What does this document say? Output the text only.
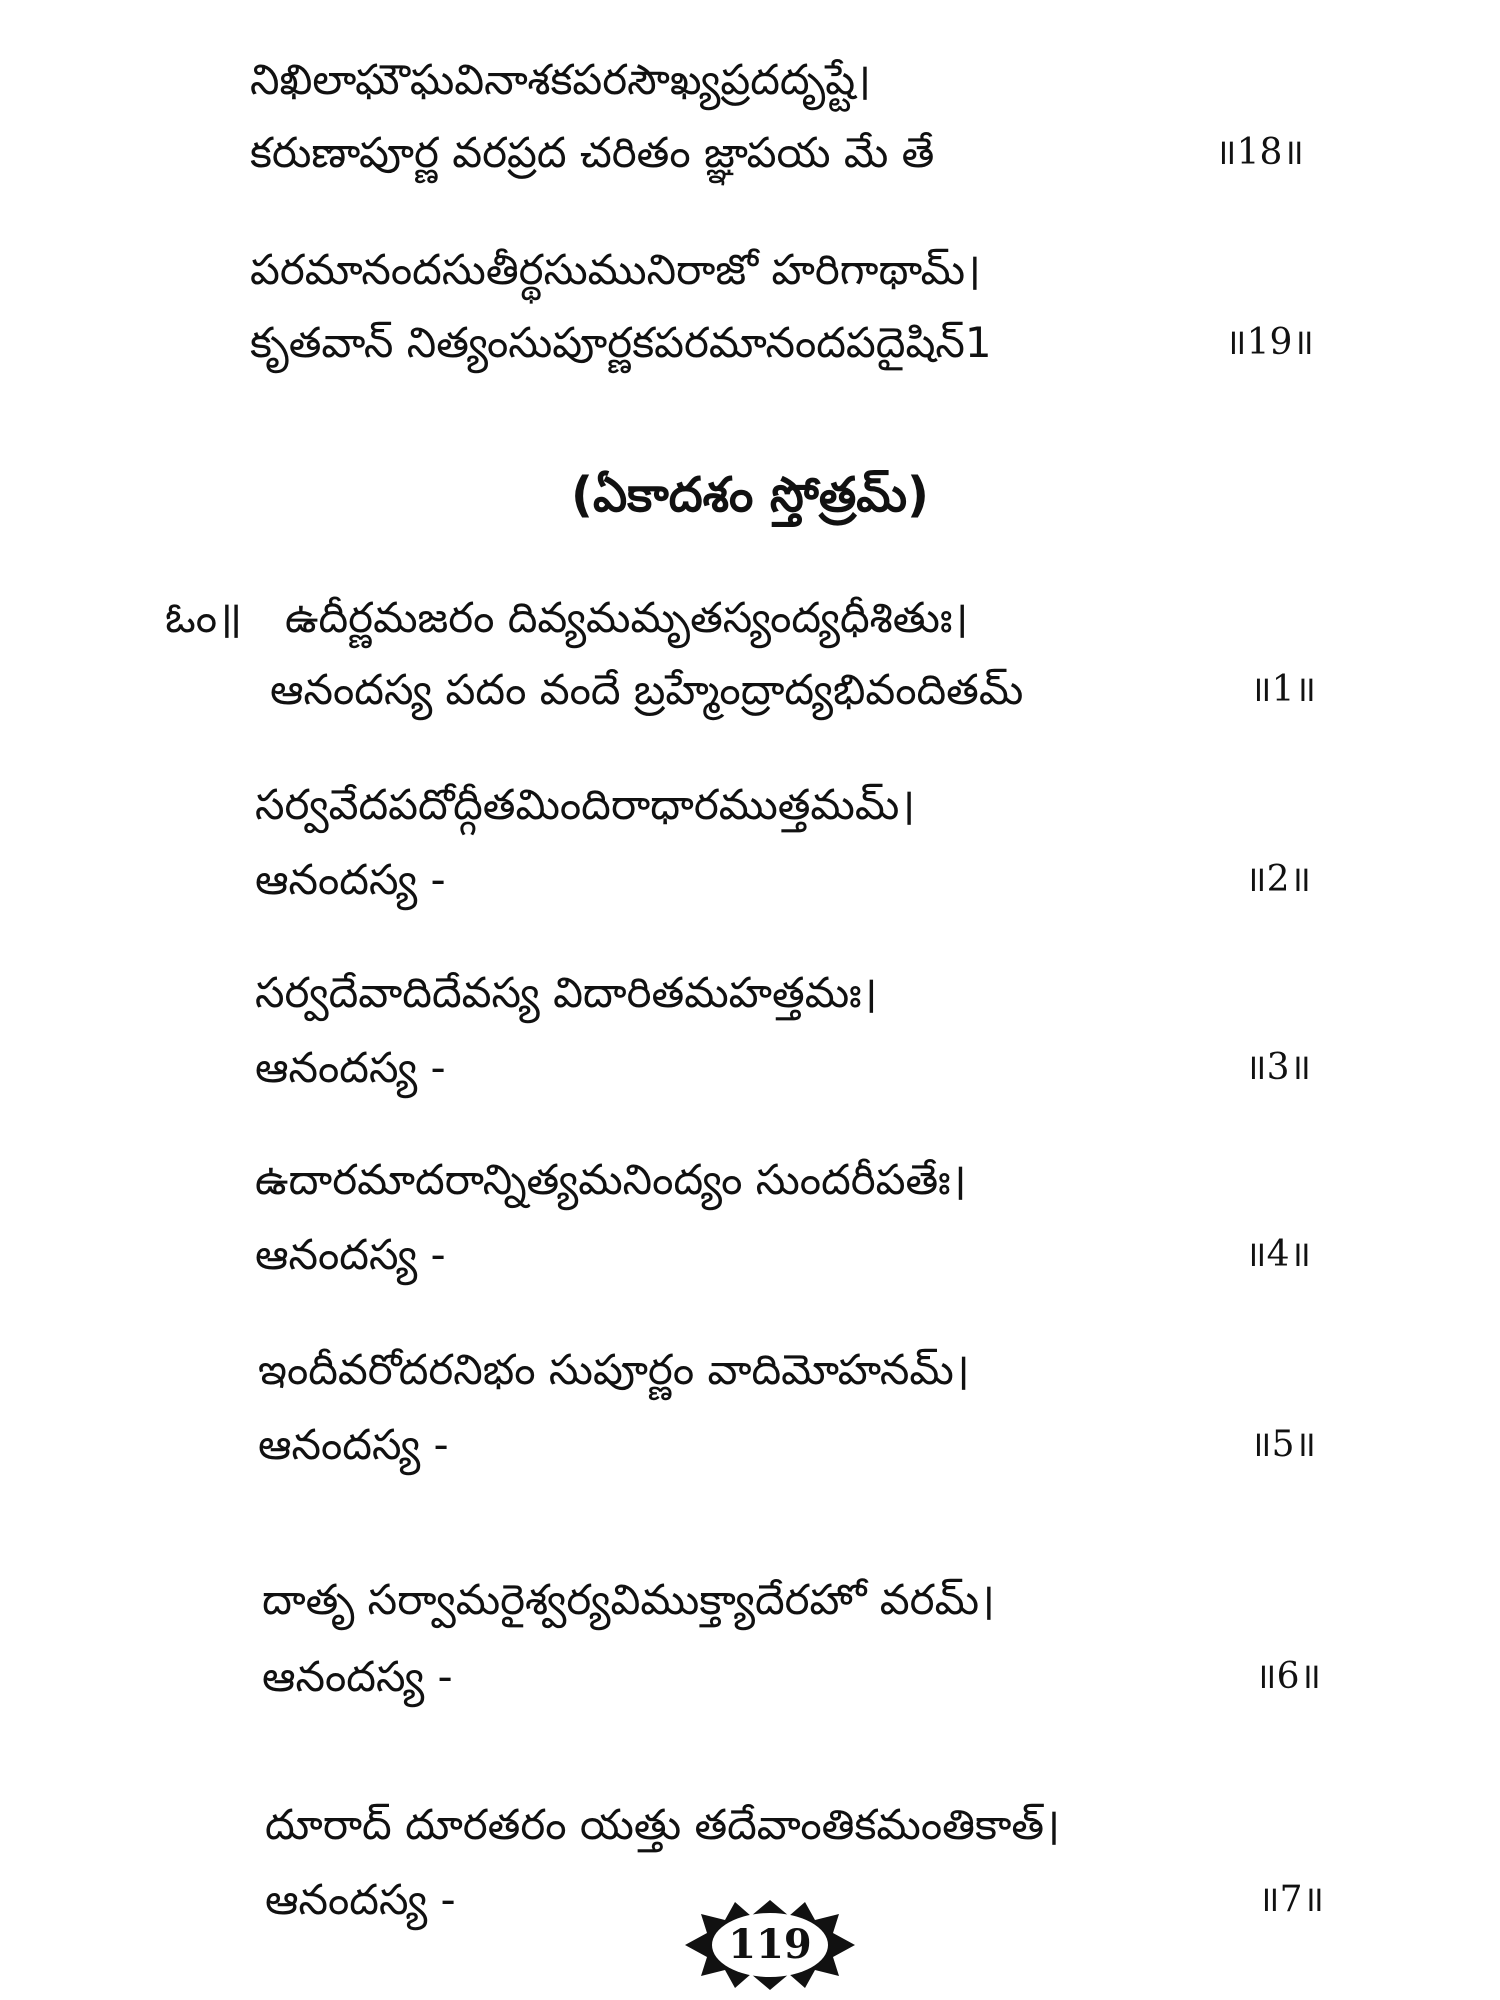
నిఖిలాఘౌఘవినాశకపరసౌఖ్యప్రదదృష్టే।
కరుణాపూర్ణ వరప్రద చరితం జ్ఞాపయ మే తే	॥18॥
పరమానందసుతీర్థసుమునిరాజో హరిగాథామ్।
కృతవాన్ నిత్యంసుపూర్ణకపరమానందపదైషిన్1	॥19॥
(ఏకాదశం స్తోత్రమ్)
ఓం॥ ఉదీర్ణమజరం దివ్యమమృతస్యంద్యధీశితుః।
ఆనందస్య పదం వందే బ్రహ్మేంద్రాద్యభివందితమ్	॥1॥
సర్వవేదపదోద్గీతమిందిరాధారముత్తమమ్।
ఆనందస్య -	॥2॥
సర్వదేవాదిదేవస్య విదారితమహత్తమః।
ఆనందస్య -	॥3॥
ఉదారమాదరాన్నిత్యమనింద్యం సుందరీపతేః।
ఆనందస్య -	॥4॥
ఇందీవరోదరనిభం సుపూర్ణం వాదిమోహనమ్।
ఆనందస్య -	॥5॥
దాతృ సర్వామరైశ్వర్యవిముక్త్యాదేరహో వరమ్।
ఆనందస్య -	॥6॥
దూరాద్ దూరతరం యత్తు తదేవాంతికమంతికాత్।
ఆనందస్య -	॥7॥
119
